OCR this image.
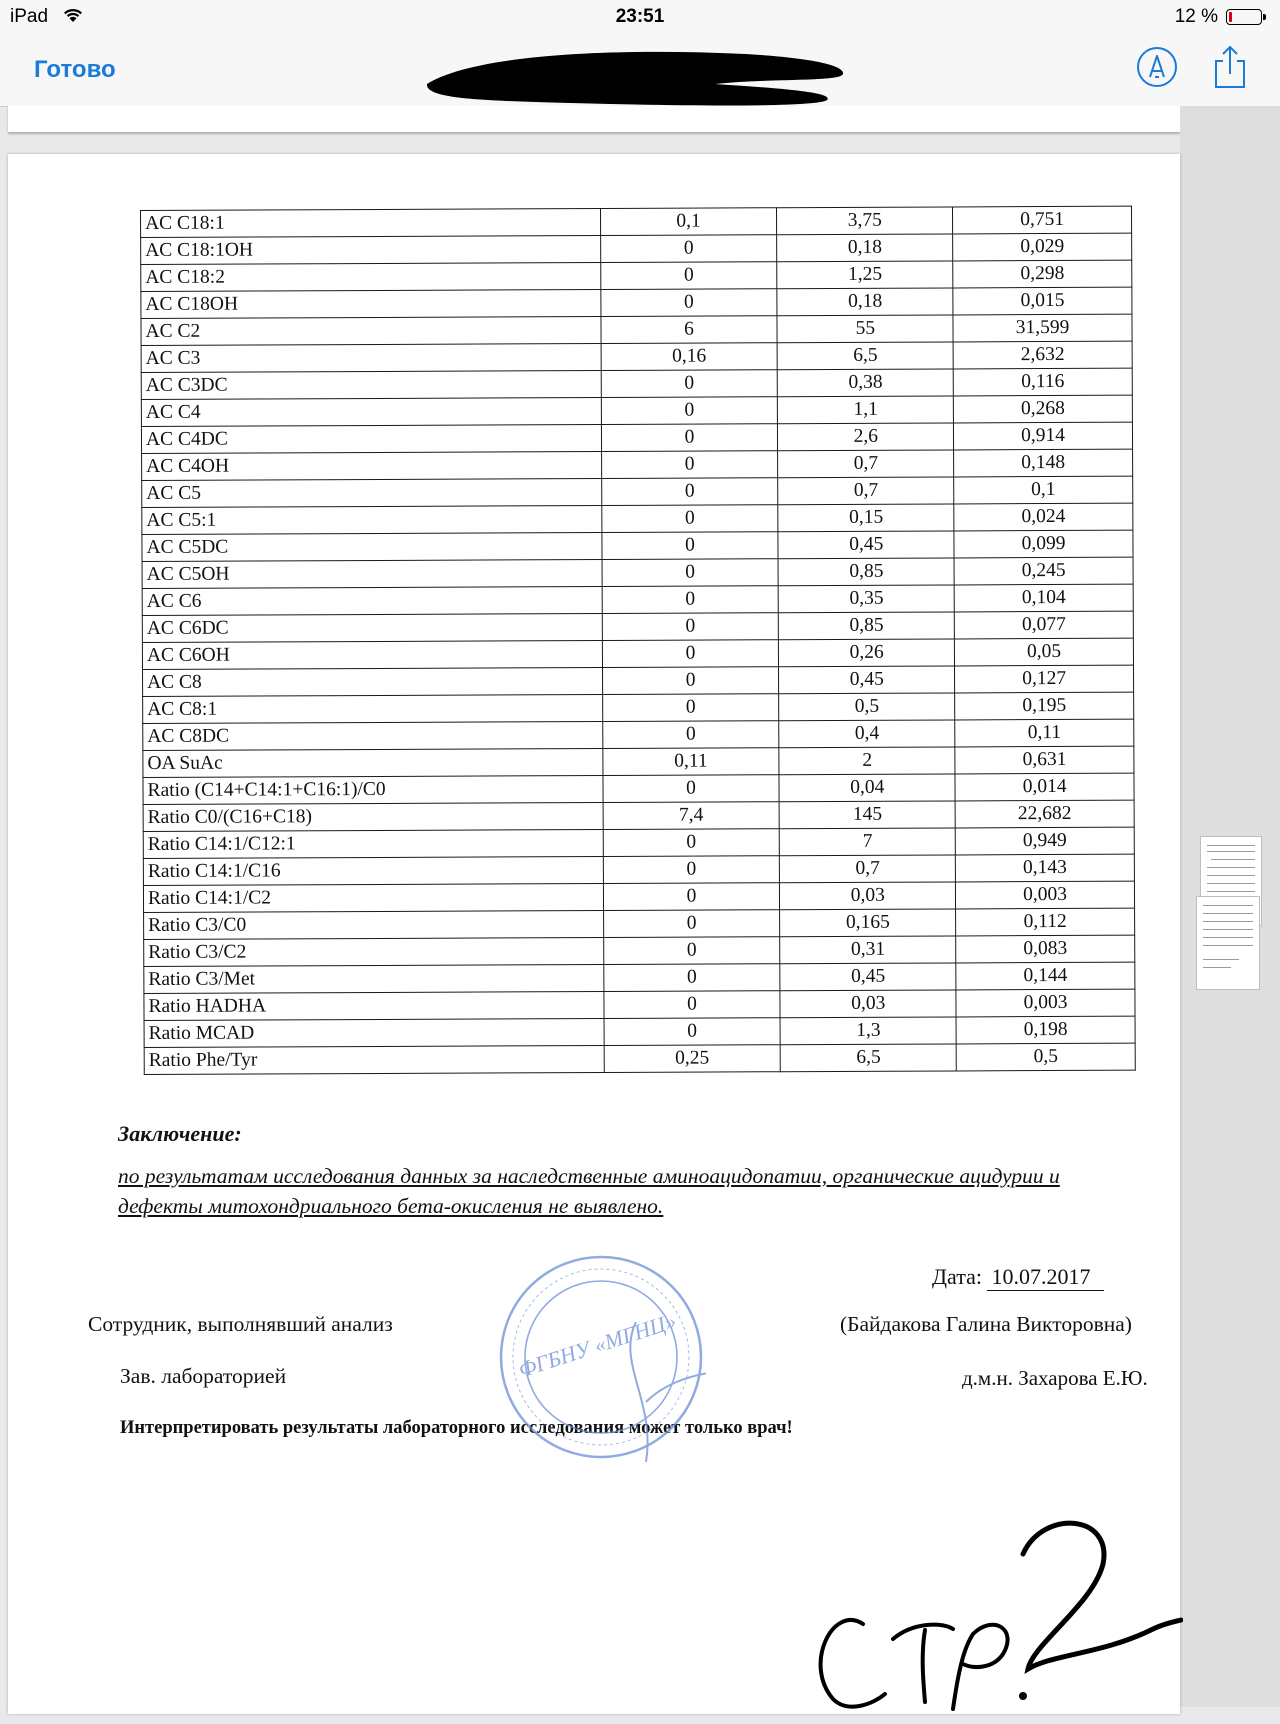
iPad	23:51	12 %
Готово
AC C18:1	0,1	3,75	0,751
AC C18:1OH	0	0,18	0,029
AC C18:2	0	1,25	0,298
AC C18OH	0	0,18	0,015
AC C2	6	55	31,599
AC C3	0,16	6,5	2,632
AC C3DC	0	0,38	0,116
AC C4	0	1,1	0,268
AC C4DC	0	2,6	0,914
AC C4OH	0	0,7	0,148
AC C5	0	0,7	0,1
AC C5:1	0	0,15	0,024
AC C5DC	0	0,45	0,099
AC C5OH	0	0,85	0,245
AC C6	0	0,35	0,104
AC C6DC	0	0,85	0,077
AC C6OH	0	0,26	0,05
AC C8	0	0,45	0,127
AC C8:1	0	0,5	0,195
AC C8DC	0	0,4	0,11
OA SuAc	0,11	2	0,631
Ratio (C14+C14:1+C16:1)/C0	0	0,04	0,014
Ratio C0/(C16+C18)	7,4	145	22,682
Ratio C14:1/C12:1	0	7	0,949
Ratio C14:1/C16	0	0,7	0,143
Ratio C14:1/C2	0	0,03	0,003
Ratio C3/C0	0	0,165	0,112
Ratio C3/C2	0	0,31	0,083
Ratio C3/Met	0	0,45	0,144
Ratio HADHA	0	0,03	0,003
Ratio MCAD	0	1,3	0,198
Ratio Phe/Tyr	0,25	6,5	0,5
Заключение:
по результатам исследования данных за наследственные аминоацидопатии, органические ацидурии и дефекты митохондриального бета-окисления не выявлено.
Дата: 10.07.2017
Сотрудник, выполнявший анализ	(Байдакова Галина Викторовна)
Зав. лабораторией	д.м.н. Захарова Е.Ю.
Интерпретировать результаты лабораторного исследования может только врач!
ФГБНУ «МГНЦ»
